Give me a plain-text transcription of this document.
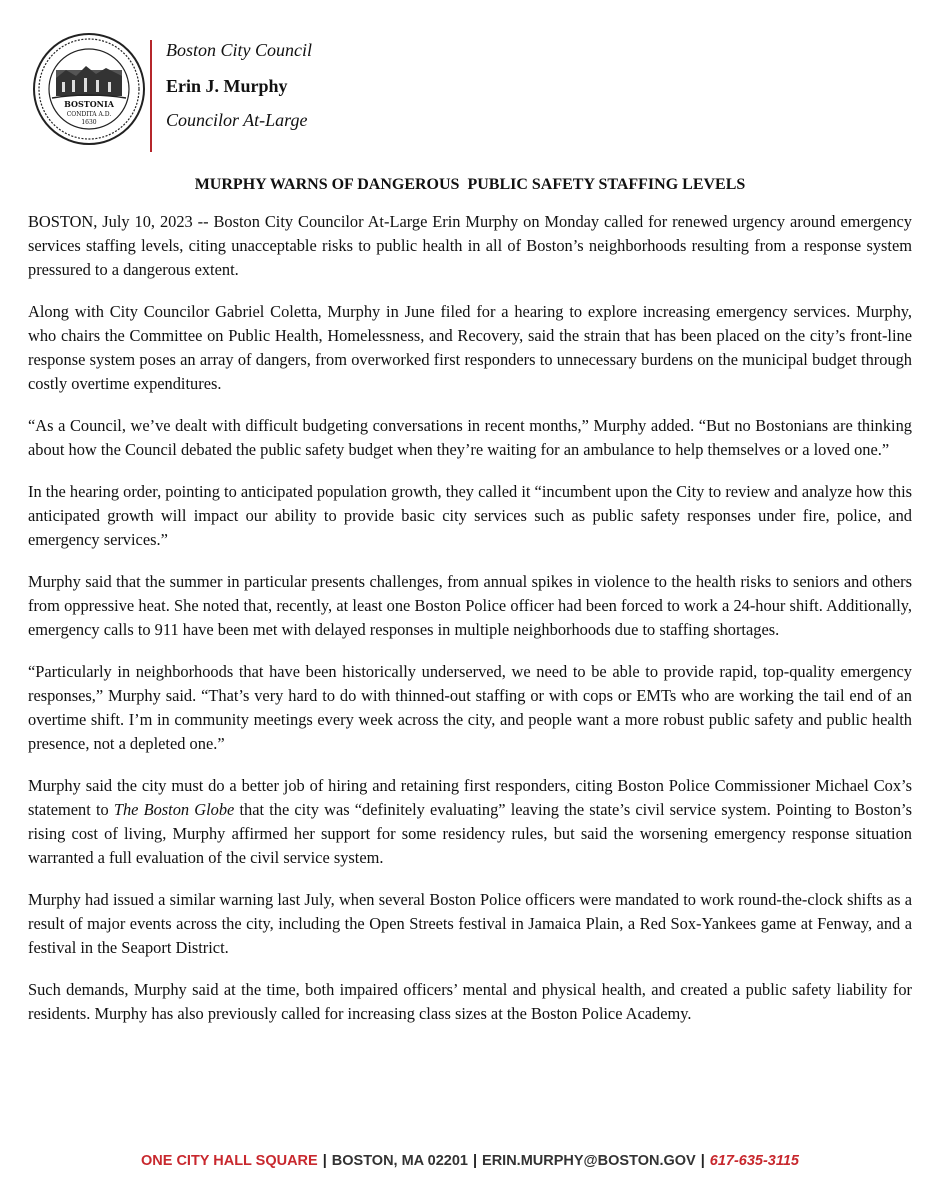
BOSTONIA
CONDITA A.D.
1630
Boston City Council
Erin J. Murphy
Councilor At-Large
MURPHY WARNS OF DANGEROUS  PUBLIC SAFETY STAFFING LEVELS

BOSTON, July 10, 2023 -- Boston City Councilor At-Large Erin Murphy on Monday called for renewed urgency around emergency services staffing levels, citing unacceptable risks to public health in all of Boston’s neighborhoods resulting from a response system pressured to a dangerous extent.

Along with City Councilor Gabriel Coletta, Murphy in June filed for a hearing to explore increasing emergency services. Murphy, who chairs the Committee on Public Health, Homelessness, and Recovery, said the strain that has been placed on the city’s front-line response system poses an array of dangers, from overworked first responders to unnecessary burdens on the municipal budget through costly overtime expenditures.

“As a Council, we’ve dealt with difficult budgeting conversations in recent months,” Murphy added. “But no Bostonians are thinking about how the Council debated the public safety budget when they’re waiting for an ambulance to help themselves or a loved one.”

In the hearing order, pointing to anticipated population growth, they called it “incumbent upon the City to review and analyze how this anticipated growth will impact our ability to provide basic city services such as public safety responses under fire, police, and emergency services.”

Murphy said that the summer in particular presents challenges, from annual spikes in violence to the health risks to seniors and others from oppressive heat. She noted that, recently, at least one Boston Police officer had been forced to work a 24-hour shift. Additionally, emergency calls to 911 have been met with delayed responses in multiple neighborhoods due to staffing shortages.

“Particularly in neighborhoods that have been historically underserved, we need to be able to provide rapid, top-quality emergency responses,” Murphy said. “That’s very hard to do with thinned-out staffing or with cops or EMTs who are working the tail end of an overtime shift. I’m in community meetings every week across the city, and people want a more robust public safety and public health presence, not a depleted one.”

Murphy said the city must do a better job of hiring and retaining first responders, citing Boston Police Commissioner Michael Cox’s statement to The Boston Globe that the city was “definitely evaluating” leaving the state’s civil service system. Pointing to Boston’s rising cost of living, Murphy affirmed her support for some residency rules, but said the worsening emergency response situation warranted a full evaluation of the civil service system.

Murphy had issued a similar warning last July, when several Boston Police officers were mandated to work round-the-clock shifts as a result of major events across the city, including the Open Streets festival in Jamaica Plain, a Red Sox-Yankees game at Fenway, and a festival in the Seaport District.

Such demands, Murphy said at the time, both impaired officers’ mental and physical health, and created a public safety liability for residents. Murphy has also previously called for increasing class sizes at the Boston Police Academy.

ONE CITY HALL SQUARE | BOSTON, MA 02201 | ERIN.MURPHY@BOSTON.GOV | 617-635-3115
